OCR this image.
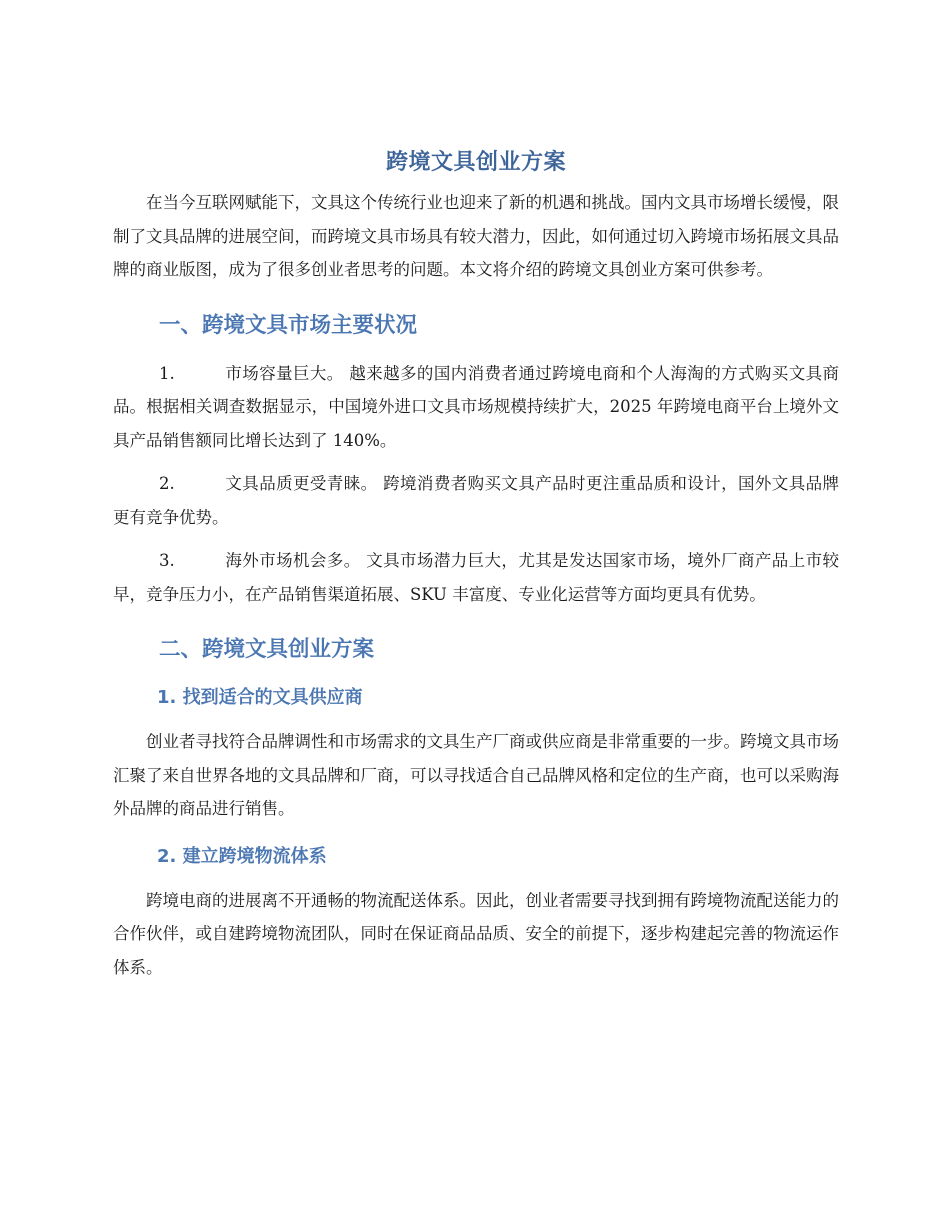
跨境文具创业方案

在当今互联网赋能下，文具这个传统行业也迎来了新的机遇和挑战。国内文具市场增长缓慢，限制了文具品牌的进展空间，而跨境文具市场具有较大潜力，因此，如何通过切入跨境市场拓展文具品牌的商业版图，成为了很多创业者思考的问题。本文将介绍的跨境文具创业方案可供参考。

一、跨境文具市场主要状况

1.	市场容量巨大。 越来越多的国内消费者通过跨境电商和个人海淘的方式购买文具商品。根据相关调查数据显示，中国境外进口文具市场规模持续扩大，2025 年跨境电商平台上境外文具产品销售额同比增长达到了 140%。

2.	文具品质更受青睐。 跨境消费者购买文具产品时更注重品质和设计，国外文具品牌更有竞争优势。

3.	海外市场机会多。 文具市场潜力巨大，尤其是发达国家市场，境外厂商产品上市较早，竞争压力小，在产品销售渠道拓展、SKU 丰富度、专业化运营等方面均更具有优势。

二、跨境文具创业方案
1. 找到适合的文具供应商

创业者寻找符合品牌调性和市场需求的文具生产厂商或供应商是非常重要的一步。跨境文具市场汇聚了来自世界各地的文具品牌和厂商，可以寻找适合自己品牌风格和定位的生产商，也可以采购海外品牌的商品进行销售。

2. 建立跨境物流体系

跨境电商的进展离不开通畅的物流配送体系。因此，创业者需要寻找到拥有跨境物流配送能力的合作伙伴，或自建跨境物流团队，同时在保证商品品质、安全的前提下，逐步构建起完善的物流运作体系。
